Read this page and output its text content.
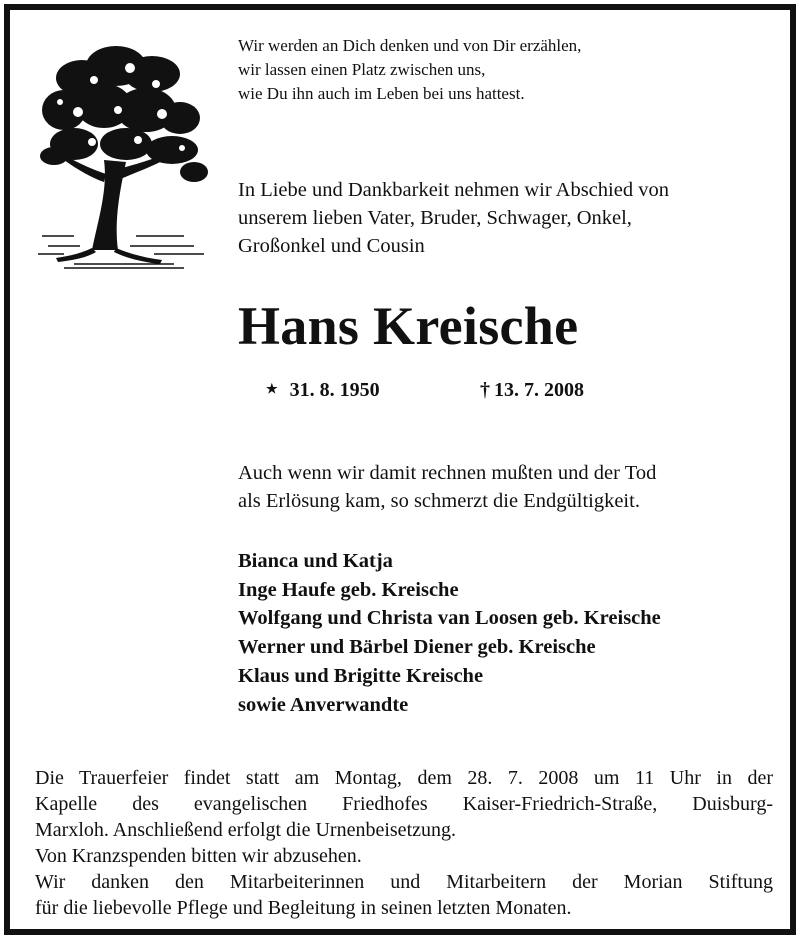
Wir werden an Dich denken und von Dir erzählen,
wir lassen einen Platz zwischen uns,
wie Du ihn auch im Leben bei uns hattest.
In Liebe und Dankbarkeit nehmen wir Abschied von
unserem lieben Vater, Bruder, Schwager, Onkel,
Großonkel und Cousin
Hans Kreische
★ 31. 8. 1950	† 13. 7. 2008
Auch wenn wir damit rechnen mußten und der Tod
als Erlösung kam, so schmerzt die Endgültigkeit.
Bianca und Katja
Inge Haufe geb. Kreische
Wolfgang und Christa van Loosen geb. Kreische
Werner und Bärbel Diener geb. Kreische
Klaus und Brigitte Kreische
sowie Anverwandte
Die Trauerfeier findet statt am Montag, dem 28. 7. 2008 um 11 Uhr in der
Kapelle des evangelischen Friedhofes Kaiser-Friedrich-Straße, Duisburg-
Marxloh. Anschließend erfolgt die Urnenbeisetzung.
Von Kranzspenden bitten wir abzusehen.
Wir danken den Mitarbeiterinnen und Mitarbeitern der Morian Stiftung
für die liebevolle Pflege und Begleitung in seinen letzten Monaten.
